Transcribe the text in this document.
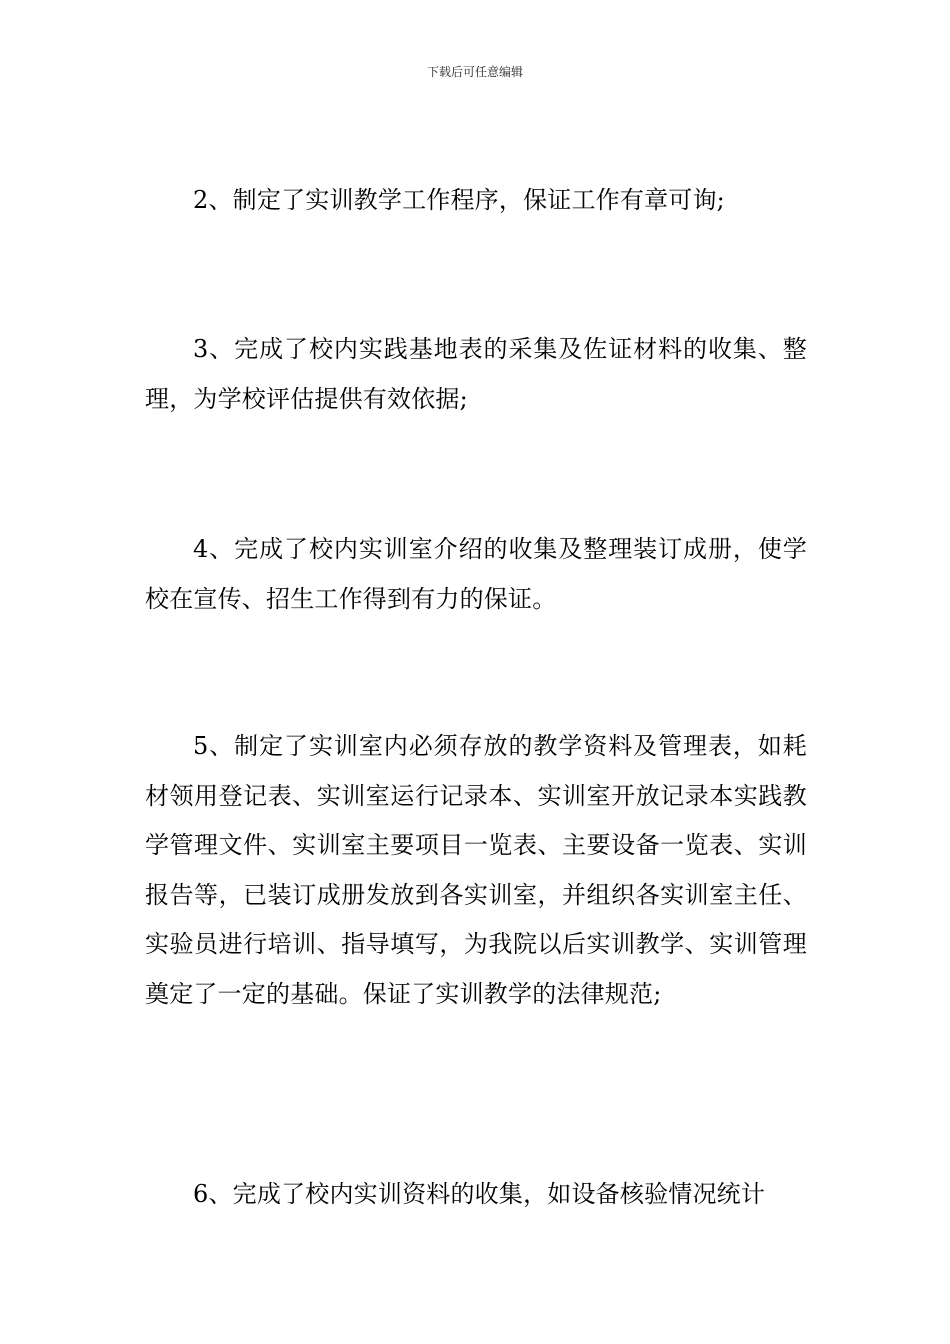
下载后可任意编辑

2、制定了实训教学工作程序，保证工作有章可询;

3、完成了校内实践基地表的采集及佐证材料的收集、整理，为学校评估提供有效依据;

4、完成了校内实训室介绍的收集及整理装订成册，使学校在宣传、招生工作得到有力的保证。

5、制定了实训室内必须存放的教学资料及管理表，如耗材领用登记表、实训室运行记录本、实训室开放记录本实践教学管理文件、实训室主要项目一览表、主要设备一览表、实训报告等，已装订成册发放到各实训室，并组织各实训室主任、实验员进行培训、指导填写，为我院以后实训教学、实训管理奠定了一定的基础。保证了实训教学的法律规范;

6、完成了校内实训资料的收集，如设备核验情况统计
